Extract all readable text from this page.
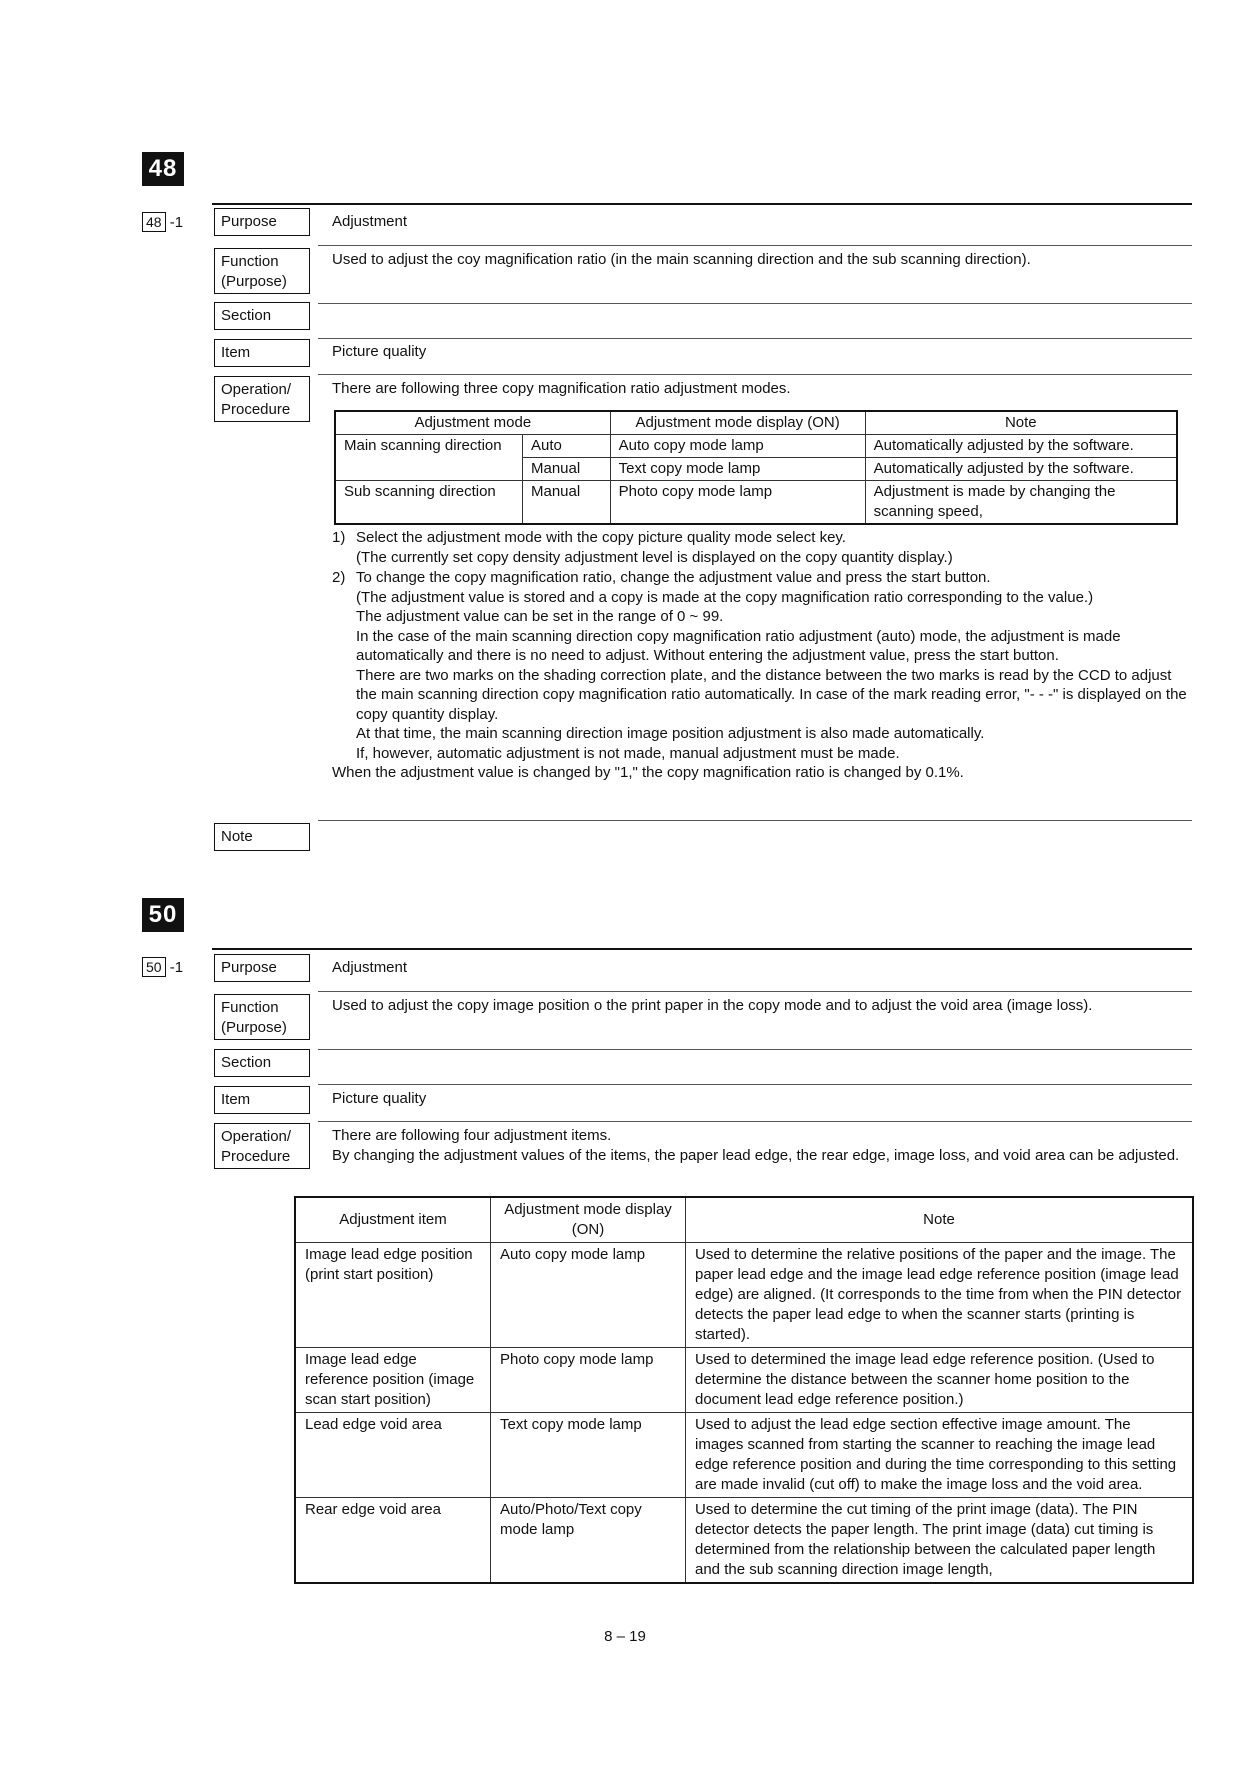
48
48 -1	Purpose	Adjustment
Function
(Purpose)
Used to adjust the coy magnification ratio (in the main scanning direction and the sub scanning direction).
Section
Item	Picture quality
Operation/
Procedure
There are following three copy magnification ratio adjustment modes.
Adjustment mode		Adjustment mode display (ON)	Note
Main scanning direction	Auto	Auto copy mode lamp	Automatically adjusted by the software.
	Manual	Text copy mode lamp	Automatically adjusted by the software.
Sub scanning direction	Manual	Photo copy mode lamp	Adjustment is made by changing the scanning speed,
1) Select the adjustment mode with the copy picture quality mode select key.
(The currently set copy density adjustment level is displayed on the copy quantity display.)
2) To change the copy magnification ratio, change the adjustment value and press the start button.
(The adjustment value is stored and a copy is made at the copy magnification ratio corresponding to the value.)
The adjustment value can be set in the range of 0 ~ 99.
In the case of the main scanning direction copy magnification ratio adjustment (auto) mode, the adjustment is made automatically and there is no need to adjust. Without entering the adjustment value, press the start button.
There are two marks on the shading correction plate, and the distance between the two marks is read by the CCD to adjust the main scanning direction copy magnification ratio automatically. In case of the mark reading error, "- - -" is displayed on the copy quantity display.
At that time, the main scanning direction image position adjustment is also made automatically.
If, however, automatic adjustment is not made, manual adjustment must be made.
When the adjustment value is changed by "1," the copy magnification ratio is changed by 0.1%.
Note
50
50 -1	Purpose	Adjustment
Function
(Purpose)
Used to adjust the copy image position o the print paper in the copy mode and to adjust the void area (image loss).
Section
Item	Picture quality
Operation/
Procedure
There are following four adjustment items.
By changing the adjustment values of the items, the paper lead edge, the rear edge, image loss, and void area can be adjusted.
Adjustment item	Adjustment mode display (ON)	Note
Image lead edge position (print start position)	Auto copy mode lamp	Used to determine the relative positions of the paper and the image. The paper lead edge and the image lead edge reference position (image lead edge) are aligned. (It corresponds to the time from when the PIN detector detects the paper lead edge to when the scanner starts (printing is started).
Image lead edge reference position (image scan start position)	Photo copy mode lamp	Used to determined the image lead edge reference position. (Used to determine the distance between the scanner home position to the document lead edge reference position.)
Lead edge void area	Text copy mode lamp	Used to adjust the lead edge section effective image amount. The images scanned from starting the scanner to reaching the image lead edge reference position and during the time corresponding to this setting are made invalid (cut off) to make the image loss and the void area.
Rear edge void area	Auto/Photo/Text copy mode lamp	Used to determine the cut timing of the print image (data). The PIN detector detects the paper length. The print image (data) cut timing is determined from the relationship between the calculated paper length and the sub scanning direction image length,
8 – 19
